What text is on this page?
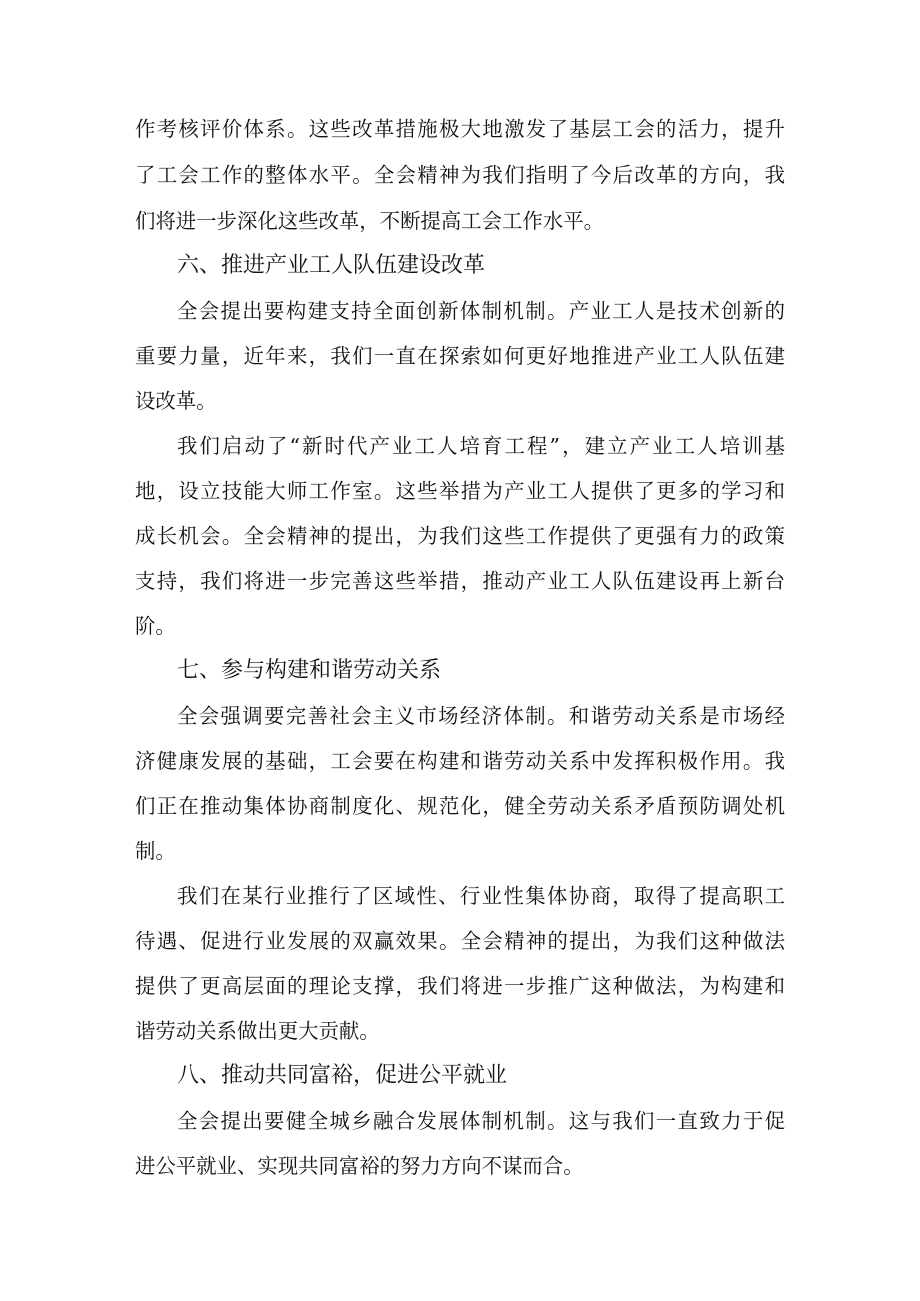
作考核评价体系。这些改革措施极大地激发了基层工会的活力，提升
了工会工作的整体水平。全会精神为我们指明了今后改革的方向，我
们将进一步深化这些改革，不断提高工会工作水平。
六、推进产业工人队伍建设改革
全会提出要构建支持全面创新体制机制。产业工人是技术创新的
重要力量，近年来，我们一直在探索如何更好地推进产业工人队伍建
设改革。
我们启动了“新时代产业工人培育工程”，建立产业工人培训基
地，设立技能大师工作室。这些举措为产业工人提供了更多的学习和
成长机会。全会精神的提出，为我们这些工作提供了更强有力的政策
支持，我们将进一步完善这些举措，推动产业工人队伍建设再上新台
阶。
七、参与构建和谐劳动关系
全会强调要完善社会主义市场经济体制。和谐劳动关系是市场经
济健康发展的基础，工会要在构建和谐劳动关系中发挥积极作用。我
们正在推动集体协商制度化、规范化，健全劳动关系矛盾预防调处机
制。
我们在某行业推行了区域性、行业性集体协商，取得了提高职工
待遇、促进行业发展的双赢效果。全会精神的提出，为我们这种做法
提供了更高层面的理论支撑，我们将进一步推广这种做法，为构建和
谐劳动关系做出更大贡献。
八、推动共同富裕，促进公平就业
全会提出要健全城乡融合发展体制机制。这与我们一直致力于促
进公平就业、实现共同富裕的努力方向不谋而合。
